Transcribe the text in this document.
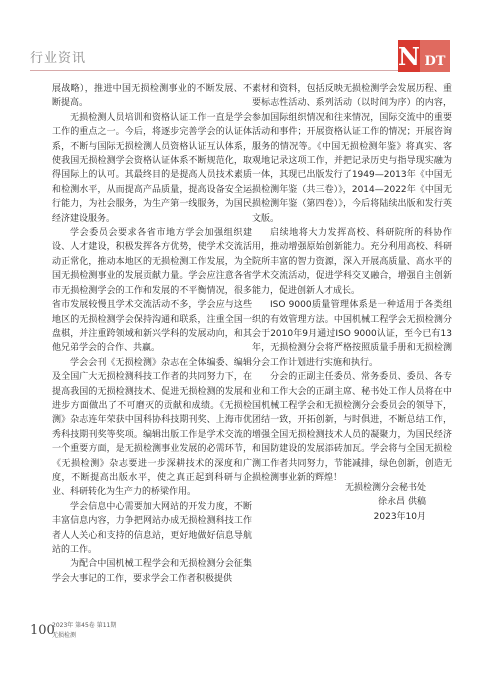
行业资讯	N DT

展战略），推进中国无损检测事业的不断发展、不断提高。

无损检测人员培训和资格认证工作一直是学会工作的重点之一。今后，将逐步完善学会的认证体系，不断与国际无损检测人员资格认证互认体系，使我国无损检测学会资格认证体系不断规范化，取得国际上的认可。其最终目的是提高人员技术素质和检测水平，从而提高产品质量，提高设备安全运行能力，为社会服务，为生产第一线服务，为国民经济建设服务。

学会委员会要求各省市地方学会加强组织建设、人才建设，积极发挥各方优势，使学术交流活动正常化，推动本地区的无损检测工作发展，为全国无损检测事业的发展贡献力量。学会应注意各省市无损检测学会的工作和发展的不平衡情况，很多省市发展较慢且学术交流活动不多，学会应与这些地区的无损检测学会保持沟通和联系，注重全国一盘棋，并注重跨领域和新兴学科的发展动向，和其他兄弟学会的合作、共赢。

学会会刊《无损检测》杂志在全体编委、编辑及全国广大无损检测科技工作者的共同努力下，在提高我国的无损检测技术、促进无损检测的发展和进步方面做出了不可磨灭的贡献和成绩。《无损检测》杂志连年荣获中国科协科技期刊奖、上海市优秀科技期刊奖等奖项。编辑出版工作是学术交流的一个重要方面，是无损检测事业发展的必需环节，《无损检测》杂志要进一步深耕技术的深度和广度，不断提高出版水平，使之真正起到科研与企业、科研转化为生产力的桥梁作用。

学会信息中心需要加大网站的开发力度，不断丰富信息内容，力争把网站办成无损检测科技工作者人人关心和支持的信息站，更好地做好信息导航站的工作。

为配合中国机械工程学会和无损检测分会征集学会大事记的工作，要求学会工作者积极提供

素材和资料，包括反映无损检测学会发展历程、重要标志性活动、系列活动（以时间为序）的内容，参加国际组织情况和往来情况，国际交流中的重要活动和事件；开展资格认证工作的情况；开展咨询服务的情况等。《中国无损检测年鉴》将真实、客观地记录这项工作，并把记录历史与指导现实融为一体，其现已出版发行了1949—2013年《中国无损检测年鉴（共三卷）》，2014—2022年《中国无损检测年鉴（第四卷）》，今后将陆续出版和发行英文版。

启续地将大力发挥高校、科研院所的科协作用，推动增强原始创新能力。充分利用高校、科研院所丰富的智力资源，深入开展高质量、高水平的学术交流活动，促进学科交叉融合，增强自主创新能力，促进创新人才成长。

ISO 9000质量管理体系是一种适用于各类组织的有效管理方法。中国机械工程学会无损检测分会于2010年9月通过ISO 9000认证，至今已有13年，无损检测分会将严格按照质量手册和无损检测分会工作计划进行实施和执行。

分会的正副主任委员、常务委员、委员、各专业和工作大会的正副主席、秘书处工作人员将在中国机械工程学会和无损检测分会委员会的领导下，团结一致，开拓创新，与时俱进，不断总结工作，增强全国无损检测技术人员的凝聚力，为国民经济和国防建设的发展添砖加瓦。学会将与全国无损检测工作者共同努力，节能减排，绿色创新，创造无损检测事业新的辉煌！

无损检测分会秘书处
徐永昌 供稿
2023年10月
100
2023年 第45卷 第11期
无损检测
